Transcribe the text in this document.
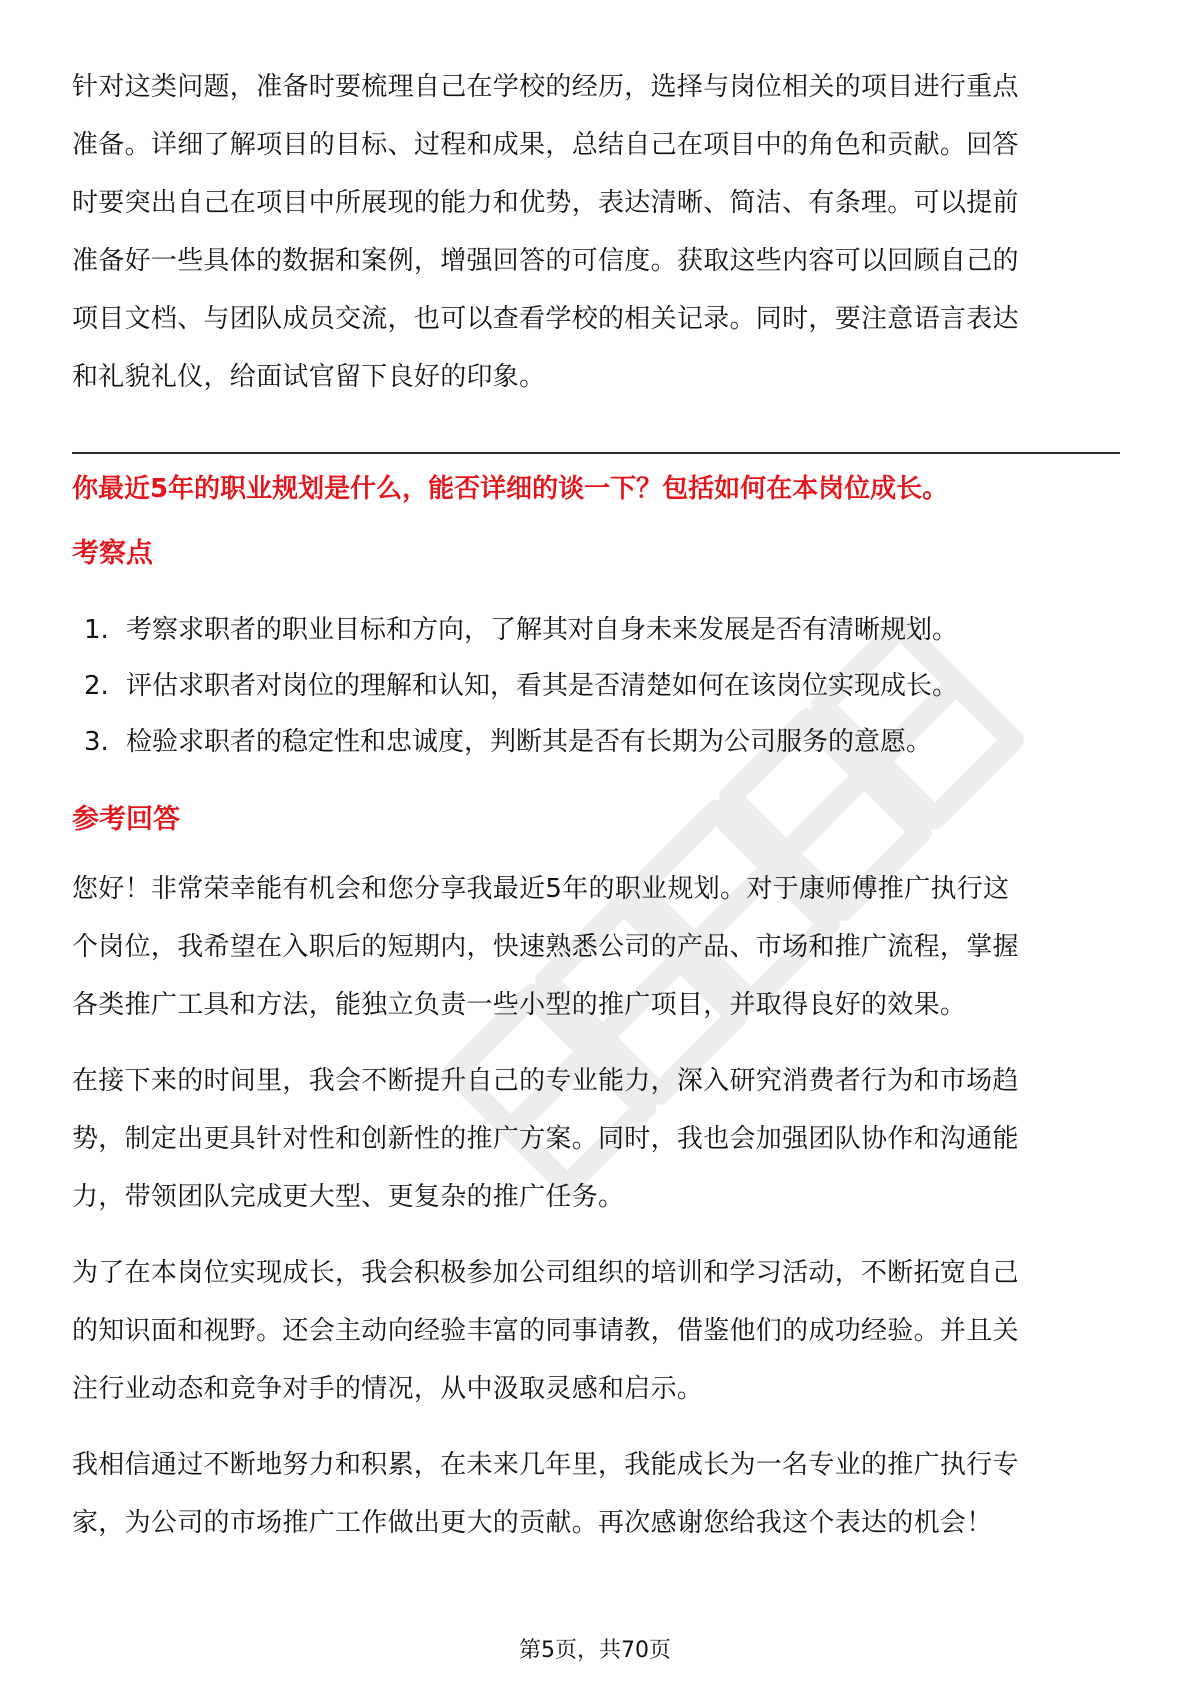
针对这类问题，准备时要梳理自己在学校的经历，选择与岗位相关的项目进行重点

准备。详细了解项目的目标、过程和成果，总结自己在项目中的角色和贡献。回答

时要突出自己在项目中所展现的能力和优势，表达清晰、简洁、有条理。可以提前

准备好一些具体的数据和案例，增强回答的可信度。获取这些内容可以回顾自己的

项目文档、与团队成员交流，也可以查看学校的相关记录。同时，要注意语言表达

和礼貌礼仪，给面试官留下良好的印象。

你最近5年的职业规划是什么，能否详细的谈一下？包括如何在本岗位成长。

考察点

1. 考察求职者的职业目标和方向，了解其对自身未来发展是否有清晰规划。
2. 评估求职者对岗位的理解和认知，看其是否清楚如何在该岗位实现成长。
3. 检验求职者的稳定性和忠诚度，判断其是否有长期为公司服务的意愿。

参考回答

您好！非常荣幸能有机会和您分享我最近5年的职业规划。对于康师傅推广执行这

个岗位，我希望在入职后的短期内，快速熟悉公司的产品、市场和推广流程，掌握

各类推广工具和方法，能独立负责一些小型的推广项目，并取得良好的效果。

在接下来的时间里，我会不断提升自己的专业能力，深入研究消费者行为和市场趋

势，制定出更具针对性和创新性的推广方案。同时，我也会加强团队协作和沟通能

力，带领团队完成更大型、更复杂的推广任务。

为了在本岗位实现成长，我会积极参加公司组织的培训和学习活动，不断拓宽自己

的知识面和视野。还会主动向经验丰富的同事请教，借鉴他们的成功经验。并且关

注行业动态和竞争对手的情况，从中汲取灵感和启示。

我相信通过不断地努力和积累，在未来几年里，我能成长为一名专业的推广执行专

家，为公司的市场推广工作做出更大的贡献。再次感谢您给我这个表达的机会！

第5页，共70页
